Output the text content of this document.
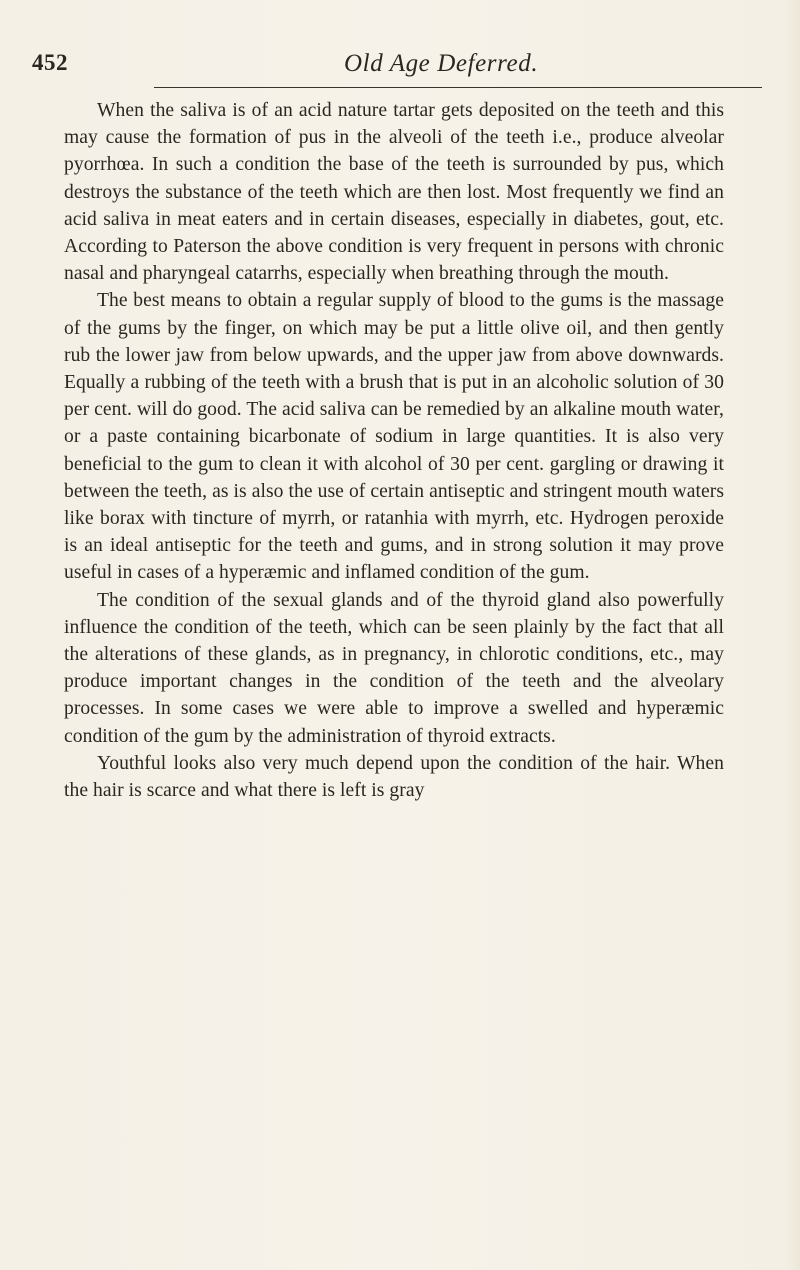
452	Old Age Deferred.

When the saliva is of an acid nature tartar gets deposited on the teeth and this may cause the formation of pus in the alveoli of the teeth i.e., produce alveolar pyorrhœa. In such a condition the base of the teeth is surrounded by pus, which destroys the substance of the teeth which are then lost. Most frequently we find an acid saliva in meat eaters and in certain diseases, especially in diabetes, gout, etc. According to Paterson the above condition is very frequent in persons with chronic nasal and pharyngeal catarrhs, especially when breathing through the mouth.

The best means to obtain a regular supply of blood to the gums is the massage of the gums by the finger, on which may be put a little olive oil, and then gently rub the lower jaw from below upwards, and the upper jaw from above downwards. Equally a rubbing of the teeth with a brush that is put in an alcoholic solution of 30 per cent. will do good. The acid saliva can be remedied by an alkaline mouth water, or a paste containing bicarbonate of sodium in large quantities. It is also very beneficial to the gum to clean it with alcohol of 30 per cent. gargling or drawing it between the teeth, as is also the use of certain antiseptic and stringent mouth waters like borax with tincture of myrrh, or ratanhia with myrrh, etc. Hydrogen peroxide is an ideal antiseptic for the teeth and gums, and in strong solution it may prove useful in cases of a hyperæmic and inflamed condition of the gum.

The condition of the sexual glands and of the thyroid gland also powerfully influence the condition of the teeth, which can be seen plainly by the fact that all the alterations of these glands, as in pregnancy, in chlorotic conditions, etc., may produce important changes in the condition of the teeth and the alveolary processes. In some cases we were able to improve a swelled and hyperæmic condition of the gum by the administration of thyroid extracts.

Youthful looks also very much depend upon the condition of the hair. When the hair is scarce and what there is left is gray
